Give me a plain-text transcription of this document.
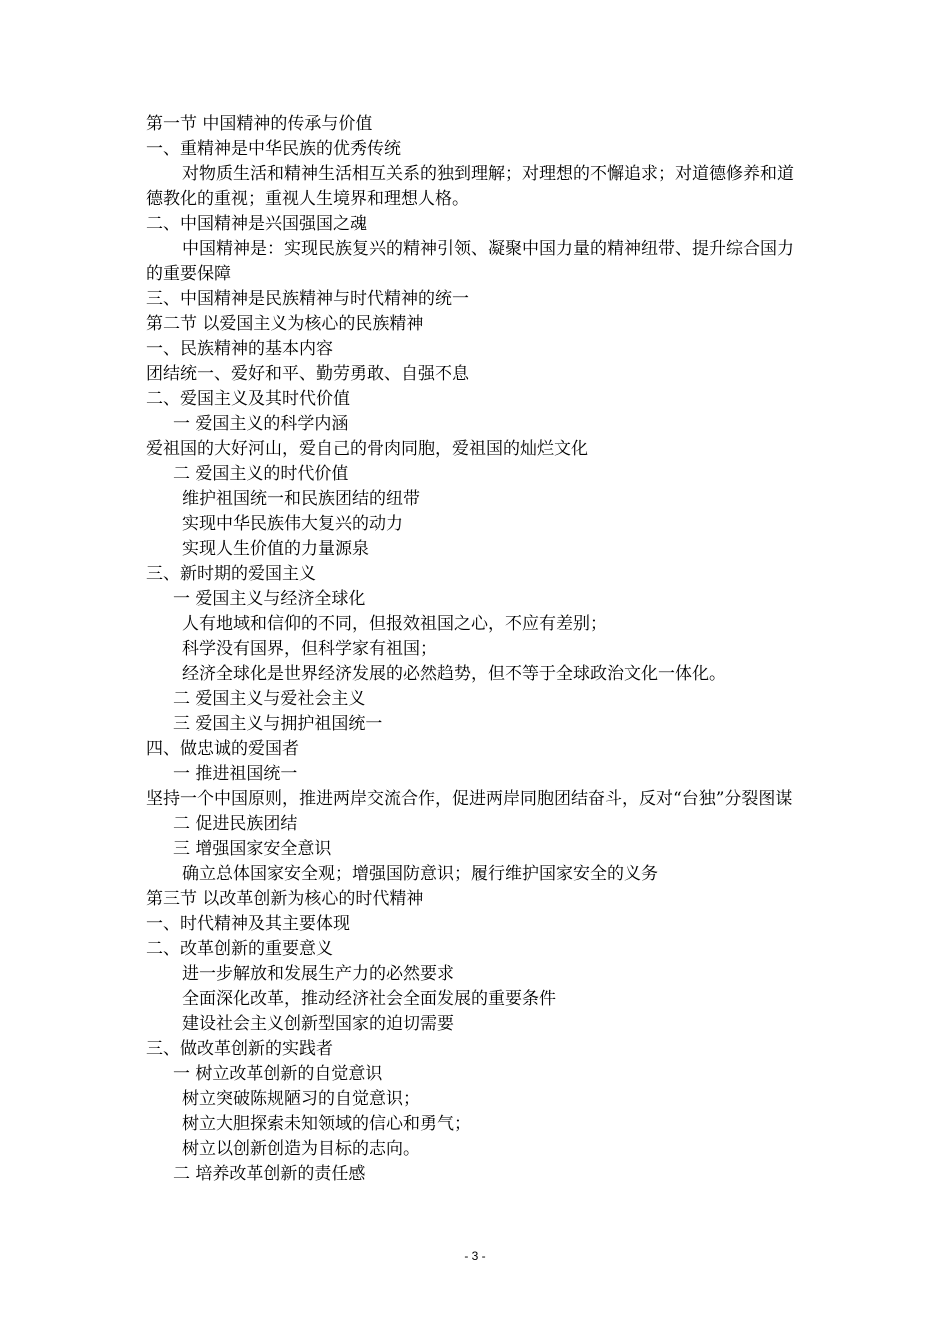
第一节 中国精神的传承与价值
一、重精神是中华民族的优秀传统
对物质生活和精神生活相互关系的独到理解；对理想的不懈追求；对道德修养和道德教化的重视；重视人生境界和理想人格。
二、中国精神是兴国强国之魂
中国精神是：实现民族复兴的精神引领、凝聚中国力量的精神纽带、提升综合国力的重要保障
三、中国精神是民族精神与时代精神的统一
第二节 以爱国主义为核心的民族精神
一、民族精神的基本内容
团结统一、爱好和平、勤劳勇敢、自强不息
二、爱国主义及其时代价值
一 爱国主义的科学内涵
爱祖国的大好河山，爱自己的骨肉同胞，爱祖国的灿烂文化
二 爱国主义的时代价值
维护祖国统一和民族团结的纽带
实现中华民族伟大复兴的动力
实现人生价值的力量源泉
三、新时期的爱国主义
一 爱国主义与经济全球化
人有地域和信仰的不同，但报效祖国之心，不应有差别；
科学没有国界，但科学家有祖国；
经济全球化是世界经济发展的必然趋势，但不等于全球政治文化一体化。
二 爱国主义与爱社会主义
三 爱国主义与拥护祖国统一
四、做忠诚的爱国者
一 推进祖国统一
坚持一个中国原则，推进两岸交流合作，促进两岸同胞团结奋斗，反对“台独”分裂图谋
二 促进民族团结
三 增强国家安全意识
确立总体国家安全观；增强国防意识；履行维护国家安全的义务
第三节 以改革创新为核心的时代精神
一、时代精神及其主要体现
二、改革创新的重要意义
进一步解放和发展生产力的必然要求
全面深化改革，推动经济社会全面发展的重要条件
建设社会主义创新型国家的迫切需要
三、做改革创新的实践者
一 树立改革创新的自觉意识
树立突破陈规陋习的自觉意识；
树立大胆探索未知领域的信心和勇气；
树立以创新创造为目标的志向。
二 培养改革创新的责任感
- 3 -
